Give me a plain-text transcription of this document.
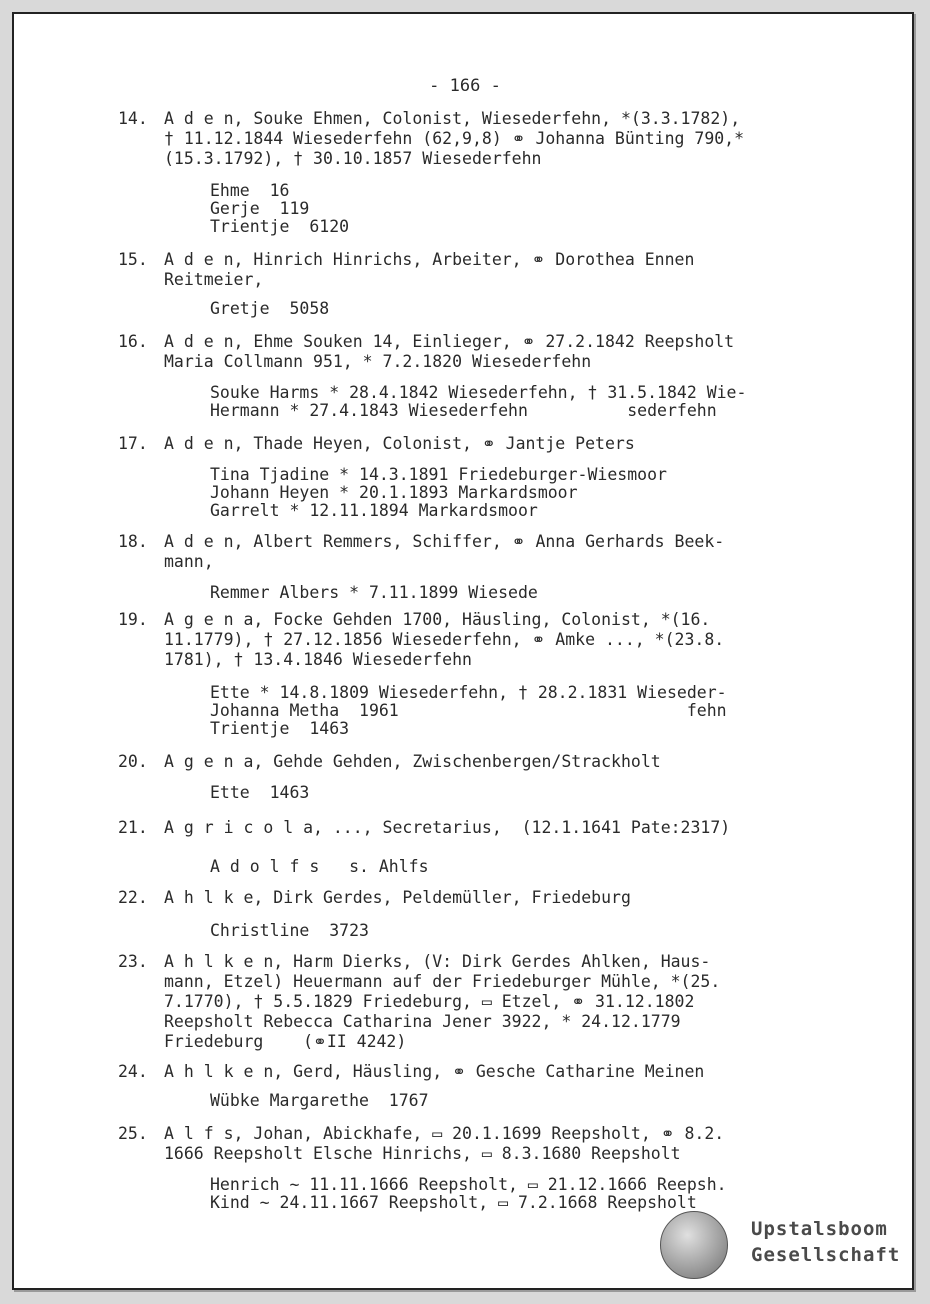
- 166 -
14. A d e n, Souke Ehmen, Colonist, Wiesederfehn, *(3.3.1782),
† 11.12.1844 Wiesederfehn (62,9,8) ⚭ Johanna Bünting 790,*
(15.3.1792), † 30.10.1857 Wiesederfehn
15. A d e n, Hinrich Hinrichs, Arbeiter, ⚭ Dorothea Ennen
Reitmeier,
16. A d e n, Ehme Souken 14, Einlieger, ⚭ 27.2.1842 Reepsholt
Maria Collmann 951, * 7.2.1820 Wiesederfehn
17. A d e n, Thade Heyen, Colonist, ⚭ Jantje Peters
18. A d e n, Albert Remmers, Schiffer, ⚭ Anna Gerhards Beek-
mann,
19. A g e n a, Focke Gehden 1700, Häusling, Colonist, *(16.
11.1779), † 27.12.1856 Wiesederfehn, ⚭ Amke ..., *(23.8.
1781), † 13.4.1846 Wiesederfehn
20. A g e n a, Gehde Gehden, Zwischenbergen/Strackholt
21. A g r i c o l a, ..., Secretarius,  (12.1.1641 Pate:2317)
22. A h l k e, Dirk Gerdes, Peldemüller, Friedeburg
23. A h l k e n, Harm Dierks, (V: Dirk Gerdes Ahlken, Haus-
mann, Etzel) Heuermann auf der Friedeburger Mühle, *(25.
7.1770), † 5.5.1829 Friedeburg, ▭ Etzel, ⚭ 31.12.1802
Reepsholt Rebecca Catharina Jener 3922, * 24.12.1779
Friedeburg    (⚭II 4242)
24. A h l k e n, Gerd, Häusling, ⚭ Gesche Catharine Meinen
25. A l f s, Johan, Abickhafe, ▭ 20.1.1699 Reepsholt, ⚭ 8.2.
1666 Reepsholt Elsche Hinrichs, ▭ 8.3.1680 Reepsholt
Upstalsboom
Gesellschaft
Ehme  16
Gerje  119
Trientje  6120
Gretje  5058
Souke Harms * 28.4.1842 Wiesederfehn, † 31.5.1842 Wie-
Hermann * 27.4.1843 Wiesederfehn          sederfehn
Tina Tjadine * 14.3.1891 Friedeburger-Wiesmoor
Johann Heyen * 20.1.1893 Markardsmoor
Garrelt * 12.11.1894 Markardsmoor
Remmer Albers * 7.11.1899 Wiesede
Ette * 14.8.1809 Wiesederfehn, † 28.2.1831 Wieseder-
Johanna Metha  1961                             fehn
Trientje  1463
Ette  1463
A d o l f s   s. Ahlfs
Christline  3723
Wübke Margarethe  1767
Henrich ~ 11.11.1666 Reepsholt, ▭ 21.12.1666 Reepsh.
Kind ~ 24.11.1667 Reepsholt, ▭ 7.2.1668 Reepsholt
